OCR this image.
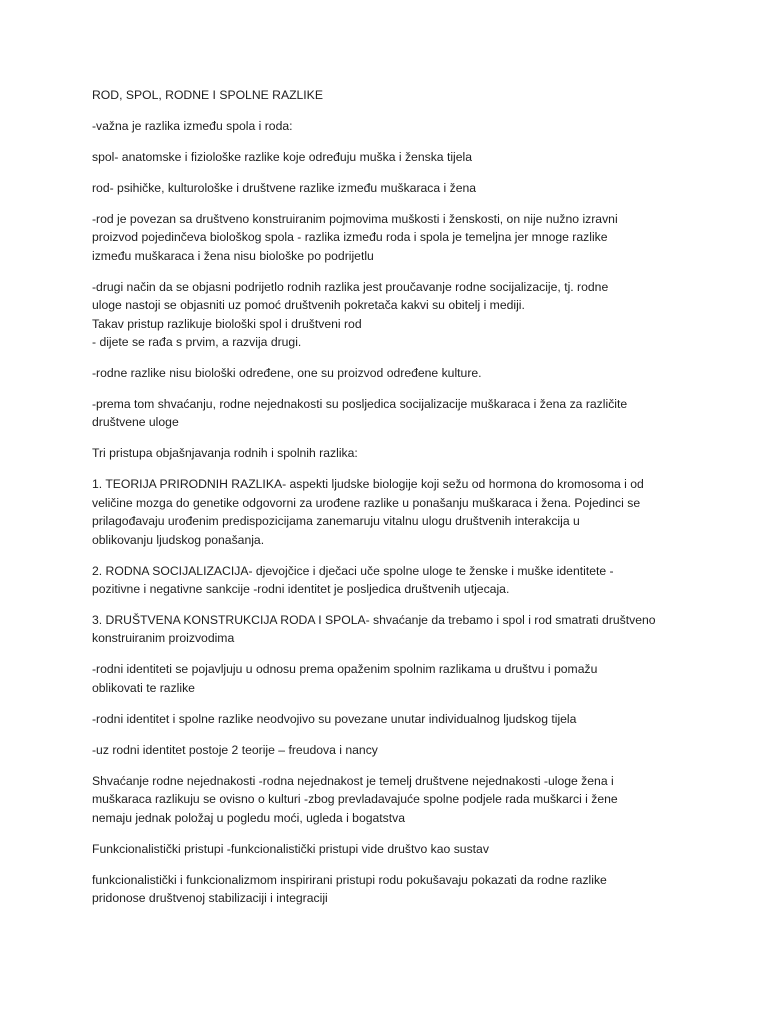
ROD, SPOL, RODNE I SPOLNE RAZLIKE

-važna je razlika između spola i roda:

spol- anatomske i fiziološke razlike koje određuju muška i ženska tijela

rod- psihičke, kulturološke i društvene razlike između muškaraca i žena

-rod je povezan sa društveno konstruiranim pojmovima muškosti i ženskosti, on nije nužno izravni
proizvod pojedinčeva biološkog spola - razlika između roda i spola je temeljna jer mnoge razlike
između muškaraca i žena nisu biološke po podrijetlu

-drugi način da se objasni podrijetlo rodnih razlika jest proučavanje rodne socijalizacije, tj. rodne
uloge nastoji se objasniti uz pomoć društvenih pokretača kakvi su obitelj i mediji.
Takav pristup razlikuje biološki spol i društveni rod
- dijete se rađa s prvim, a razvija drugi.

-rodne razlike nisu biološki određene, one su proizvod određene kulture.

-prema tom shvaćanju, rodne nejednakosti su posljedica socijalizacije muškaraca i žena za različite
društvene uloge

Tri pristupa objašnjavanja rodnih i spolnih razlika:

1. TEORIJA PRIRODNIH RAZLIKA- aspekti ljudske biologije koji sežu od hormona do kromosoma i od
veličine mozga do genetike odgovorni za urođene razlike u ponašanju muškaraca i žena. Pojedinci se
prilagođavaju urođenim predispozicijama zanemaruju vitalnu ulogu društvenih interakcija u
oblikovanju ljudskog ponašanja.

2. RODNA SOCIJALIZACIJA- djevojčice i dječaci uče spolne uloge te ženske i muške identitete -
pozitivne i negativne sankcije -rodni identitet je posljedica društvenih utjecaja.

3. DRUŠTVENA KONSTRUKCIJA RODA I SPOLA- shvaćanje da trebamo i spol i rod smatrati društveno
konstruiranim proizvodima

-rodni identiteti se pojavljuju u odnosu prema opaženim spolnim razlikama u društvu i pomažu
oblikovati te razlike

-rodni identitet i spolne razlike neodvojivo su povezane unutar individualnog ljudskog tijela

-uz rodni identitet postoje 2 teorije – freudova i nancy

Shvaćanje rodne nejednakosti -rodna nejednakost je temelj društvene nejednakosti -uloge žena i
muškaraca razlikuju se ovisno o kulturi -zbog prevladavajuće spolne podjele rada muškarci i žene
nemaju jednak položaj u pogledu moći, ugleda i bogatstva

Funkcionalistički pristupi -funkcionalistički pristupi vide društvo kao sustav

funkcionalistički i funkcionalizmom inspirirani pristupi rodu pokušavaju pokazati da rodne razlike
pridonose društvenoj stabilizaciji i integraciji
